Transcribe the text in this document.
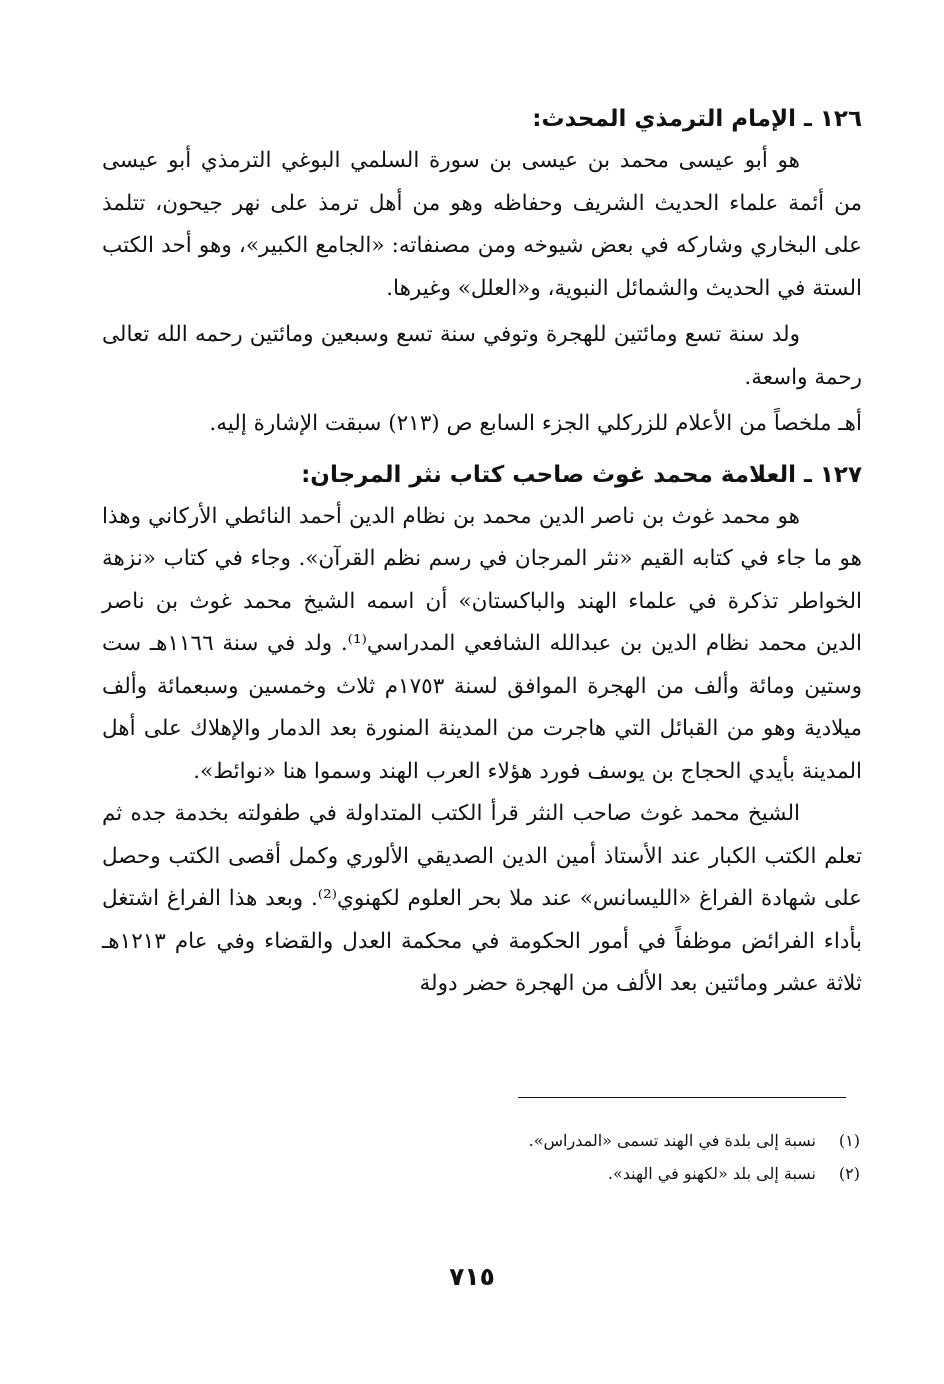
١٢٦ ـ الإمام الترمذي المحدث:

هو أبو عيسى محمد بن عيسى بن سورة السلمي البوغي الترمذي أبو عيسى من أئمة علماء الحديث الشريف وحفاظه وهو من أهل ترمذ على نهر جيحون، تتلمذ على البخاري وشاركه في بعض شيوخه ومن مصنفاته: «الجامع الكبير»، وهو أحد الكتب الستة في الحديث والشمائل النبوية، و«العلل» وغيرها.

ولد سنة تسع ومائتين للهجرة وتوفي سنة تسع وسبعين ومائتين رحمه الله تعالى رحمة واسعة.

أهـ ملخصاً من الأعلام للزركلي الجزء السابع ص (٢١٣) سبقت الإشارة إليه.

١٢٧ ـ العلامة محمد غوث صاحب كتاب نثر المرجان:

هو محمد غوث بن ناصر الدين محمد بن نظام الدين أحمد النائطي الأركاني وهذا هو ما جاء في كتابه القيم «نثر المرجان في رسم نظم القرآن». وجاء في كتاب «نزهة الخواطر تذكرة في علماء الهند والباكستان» أن اسمه الشيخ محمد غوث بن ناصر الدين محمد نظام الدين بن عبدالله الشافعي المدراسي⁽¹⁾. ولد في سنة ١١٦٦هـ ست وستين ومائة وألف من الهجرة الموافق لسنة ١٧٥٣م ثلاث وخمسين وسبعمائة وألف ميلادية وهو من القبائل التي هاجرت من المدينة المنورة بعد الدمار والإهلاك على أهل المدينة بأيدي الحجاج بن يوسف فورد هؤلاء العرب الهند وسموا هنا «نوائط».

الشيخ محمد غوث صاحب النثر قرأ الكتب المتداولة في طفولته بخدمة جده ثم تعلم الكتب الكبار عند الأستاذ أمين الدين الصديقي الألوري وكمل أقصى الكتب وحصل على شهادة الفراغ «الليسانس» عند ملا بحر العلوم لكهنوي⁽²⁾. وبعد هذا الفراغ اشتغل بأداء الفرائض موظفاً في أمور الحكومة في محكمة العدل والقضاء وفي عام ١٢١٣هـ ثلاثة عشر ومائتين بعد الألف من الهجرة حضر دولة

(١)
نسبة إلى بلدة في الهند تسمى «المدراس».
(٢)
نسبة إلى بلد «لكهنو في الهند».
٧١٥
